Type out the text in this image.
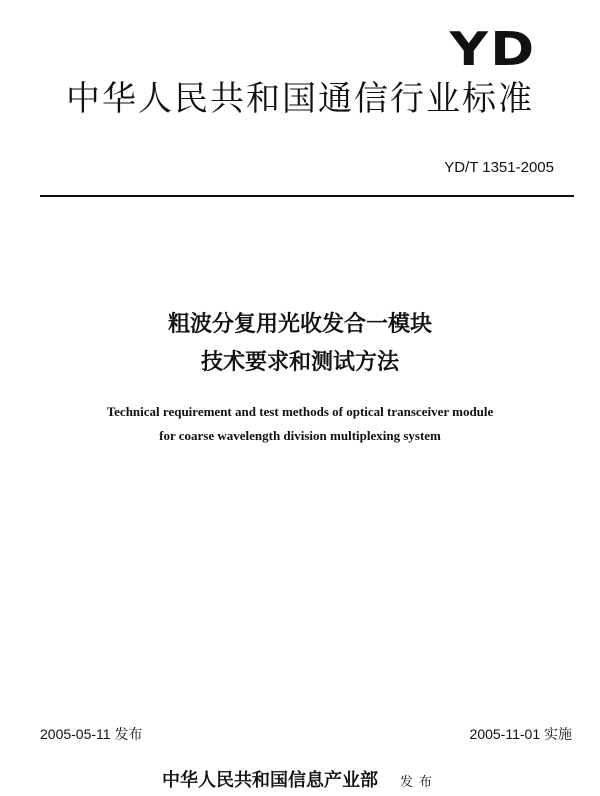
YD
中华人民共和国通信行业标准
YD/T 1351-2005
粗波分复用光收发合一模块
技术要求和测试方法
Technical requirement and test methods of optical transceiver module
for coarse wavelength division multiplexing system
2005-05-11 发布	2005-11-01 实施
中华人民共和国信息产业部 发布
